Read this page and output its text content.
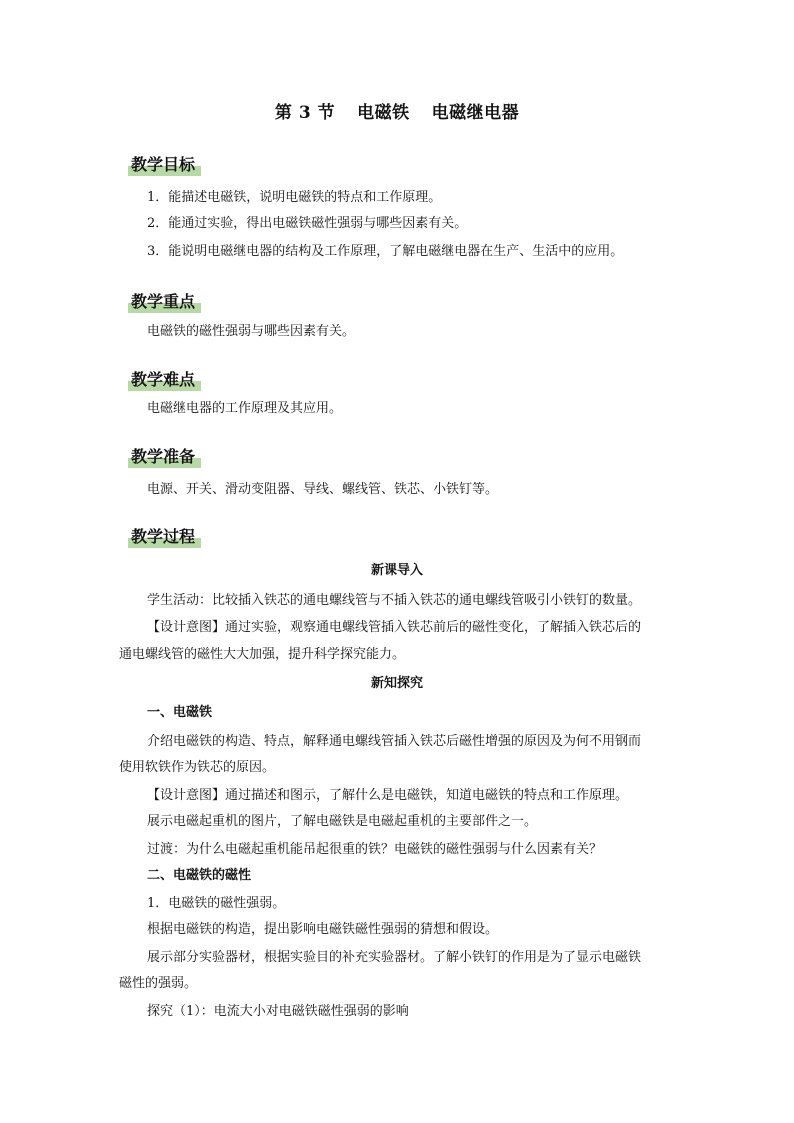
第 3 节 电磁铁 电磁继电器
教学目标
1．能描述电磁铁，说明电磁铁的特点和工作原理。
2．能通过实验，得出电磁铁磁性强弱与哪些因素有关。
3．能说明电磁继电器的结构及工作原理，了解电磁继电器在生产、生活中的应用。
教学重点
电磁铁的磁性强弱与哪些因素有关。
教学难点
电磁继电器的工作原理及其应用。
教学准备
电源、开关、滑动变阻器、导线、螺线管、铁芯、小铁钉等。
教学过程
新课导入
学生活动：比较插入铁芯的通电螺线管与不插入铁芯的通电螺线管吸引小铁钉的数量。
【设计意图】通过实验，观察通电螺线管插入铁芯前后的磁性变化，了解插入铁芯后的
通电螺线管的磁性大大加强，提升科学探究能力。
新知探究
一、电磁铁
介绍电磁铁的构造、特点，解释通电螺线管插入铁芯后磁性增强的原因及为何不用钢而
使用软铁作为铁芯的原因。
【设计意图】通过描述和图示，了解什么是电磁铁，知道电磁铁的特点和工作原理。
展示电磁起重机的图片，了解电磁铁是电磁起重机的主要部件之一。
过渡：为什么电磁起重机能吊起很重的铁？电磁铁的磁性强弱与什么因素有关？
二、电磁铁的磁性
1．电磁铁的磁性强弱。
根据电磁铁的构造，提出影响电磁铁磁性强弱的猜想和假设。
展示部分实验器材，根据实验目的补充实验器材。了解小铁钉的作用是为了显示电磁铁
磁性的强弱。
探究（1）：电流大小对电磁铁磁性强弱的影响
